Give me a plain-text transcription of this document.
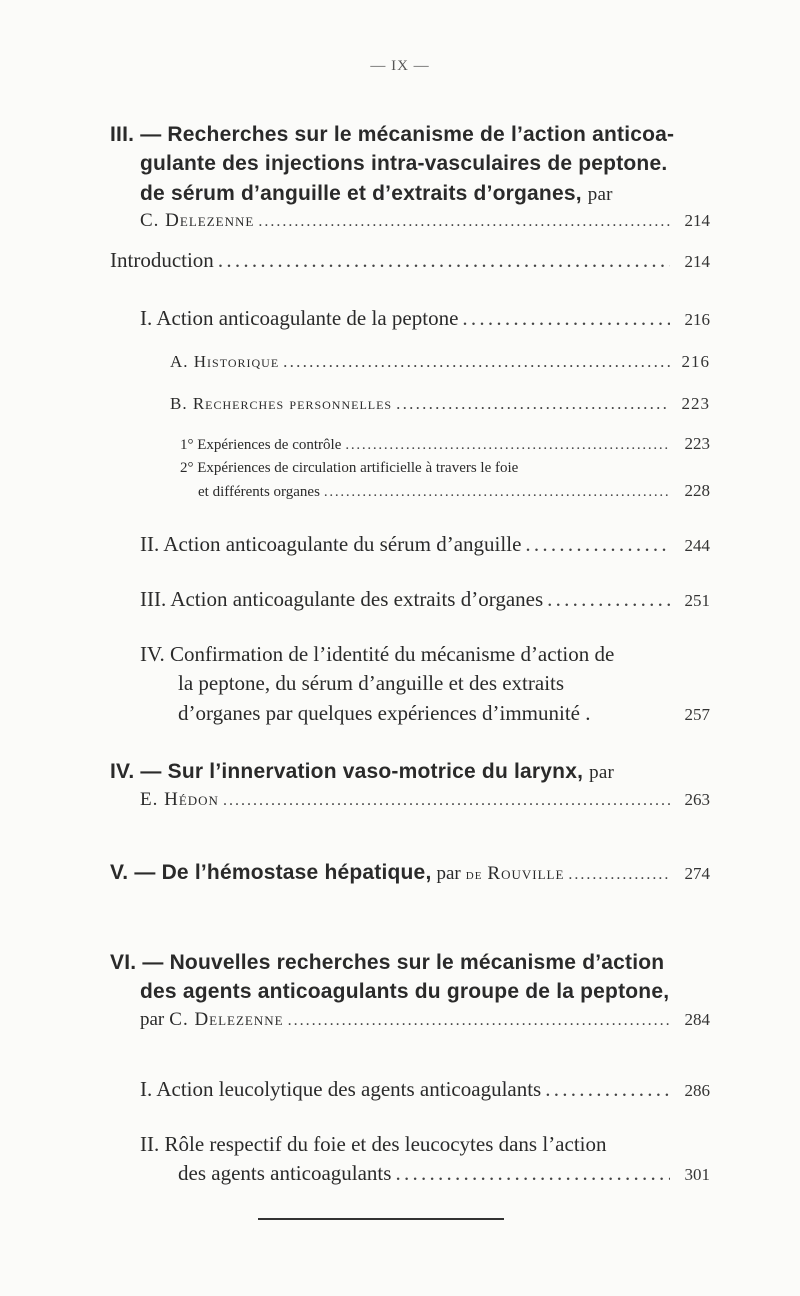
— IX —
III. — Recherches sur le mécanisme de l’action anticoa-
gulante des injections intra-vasculaires de peptone.
de sérum d’anguille et d’extraits d’organes, par
C. Delezenne . . .	214
Introduction . . .	214
I. Action anticoagulante de la peptone . . .	216
A. Historique . . .	216
B. Recherches personnelles . . .	223
1° Expériences de contrôle . . .	223
2° Expériences de circulation artificielle à travers le foie
et différents organes . . .	228
II. Action anticoagulante du sérum d’anguille . . .	244
III. Action anticoagulante des extraits d’organes . . .	251
IV. Confirmation de l’identité du mécanisme d’action de
la peptone, du sérum d’anguille et des extraits
d’organes par quelques expériences d’immunité .	257
IV. — Sur l’innervation vaso-motrice du larynx, par
E. Hédon . . .	263
V. — De l’hémostase hépatique, par de Rouville . . .	274
VI. — Nouvelles recherches sur le mécanisme d’action
des agents anticoagulants du groupe de la peptone,
par C. Delezenne . . .	284
I. Action leucolytique des agents anticoagulants . . .	286
II. Rôle respectif du foie et des leucocytes dans l’action
des agents anticoagulants . . .	301
